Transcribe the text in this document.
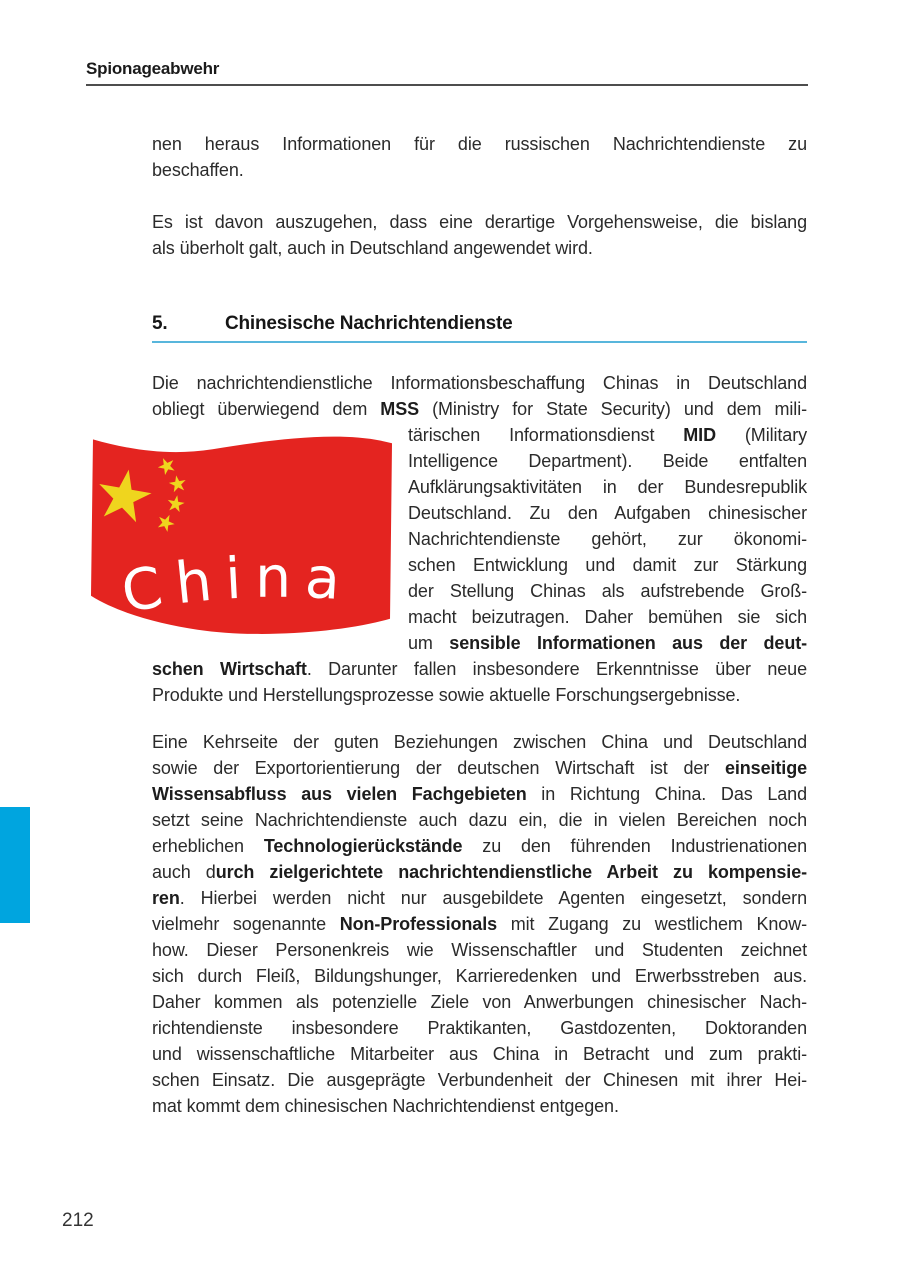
Spionageabwehr
nen heraus Informationen für die russischen Nachrichtendienste zu
beschaffen.
Es ist davon auszugehen, dass eine derartige Vorgehensweise, die bislang
als überholt galt, auch in Deutschland angewendet wird.
5.	Chinesische Nachrichtendienste
Die nachrichtendienstliche Informationsbeschaffung Chinas in Deutschland
obliegt überwiegend dem MSS (Ministry for State Security) und dem mili-
China
tärischen Informationsdienst MID (Military
Intelligence Department). Beide entfalten
Aufklärungsaktivitäten in der Bundesrepublik
Deutschland. Zu den Aufgaben chinesischer
Nachrichtendienste gehört, zur ökonomi-
schen Entwicklung und damit zur Stärkung
der Stellung Chinas als aufstrebende Groß-
macht beizutragen. Daher bemühen sie sich
um sensible Informationen aus der deut-
schen Wirtschaft. Darunter fallen insbesondere Erkenntnisse über neue
Produkte und Herstellungsprozesse sowie aktuelle Forschungsergebnisse.
Eine Kehrseite der guten Beziehungen zwischen China und Deutschland
sowie der Exportorientierung der deutschen Wirtschaft ist der einseitige
Wissensabfluss aus vielen Fachgebieten in Richtung China. Das Land
setzt seine Nachrichtendienste auch dazu ein, die in vielen Bereichen noch
erheblichen Technologierückstände zu den führenden Industrienationen
auch durch zielgerichtete nachrichtendienstliche Arbeit zu kompensie-
ren. Hierbei werden nicht nur ausgebildete Agenten eingesetzt, sondern
vielmehr sogenannte Non-Professionals mit Zugang zu westlichem Know-
how. Dieser Personenkreis wie Wissenschaftler und Studenten zeichnet
sich durch Fleiß, Bildungshunger, Karrieredenken und Erwerbsstreben aus.
Daher kommen als potenzielle Ziele von Anwerbungen chinesischer Nach-
richtendienste insbesondere Praktikanten, Gastdozenten, Doktoranden
und wissenschaftliche Mitarbeiter aus China in Betracht und zum prakti-
schen Einsatz. Die ausgeprägte Verbundenheit der Chinesen mit ihrer Hei-
mat kommt dem chinesischen Nachrichtendienst entgegen.
212
